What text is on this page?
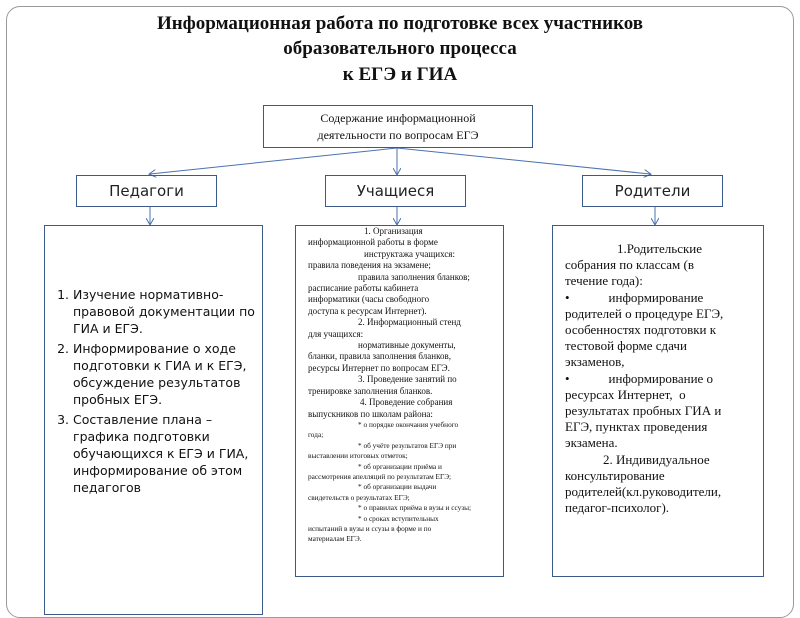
Информационная работа по подготовке всех участников
образовательного процесса
к ЕГЭ и ГИА
Содержание информационной
деятельности по вопросам ЕГЭ
Педагоги	Учащиеся	Родители
1. Изучение нормативно-правовой документации по ГИА и ЕГЭ.
2. Информирование о ходе подготовки к ГИА и к ЕГЭ, обсуждение результатов пробных ЕГЭ.
3. Составление плана – графика подготовки обучающихся к ЕГЭ и ГИА, информирование об этом педагогов
1. Организация
информационной работы в форме
инструктажа учащихся:
правила поведения на экзамене;
правила заполнения бланков;
расписание работы кабинета
информатики (часы свободного
доступа к ресурсам Интернет).
2. Информационный стенд
для учащихся:
нормативные документы,
бланки, правила заполнения бланков,
ресурсы Интернет по вопросам ЕГЭ.
3. Проведение занятий по
тренировке заполнения бланков.
4. Проведение собрания
выпускников по школам района:
* о порядке окончания учебного
года;
* об учёте результатов ЕГЭ при
выставлении итоговых отметок;
* об организации приёма и
рассмотрения апелляций по результатам ЕГЭ;
* об организации выдачи
свидетельств о результатах ЕГЭ;
* о правилах приёма в вузы и ссузы;
* о сроках вступительных
испытаний в вузы и ссузы в форме и по
материалам ЕГЭ.
1.Родительские
собрания по классам (в
течение года):
•            информирование
родителей о процедуре ЕГЭ,
особенностях подготовки к
тестовой форме сдачи
экзаменов,
•            информирование о
ресурсах Интернет,  о
результатах пробных ГИА и
ЕГЭ, пунктах проведения
экзамена.
2. Индивидуальное
консультирование
родителей(кл.руководители,
педагог-психолог).
